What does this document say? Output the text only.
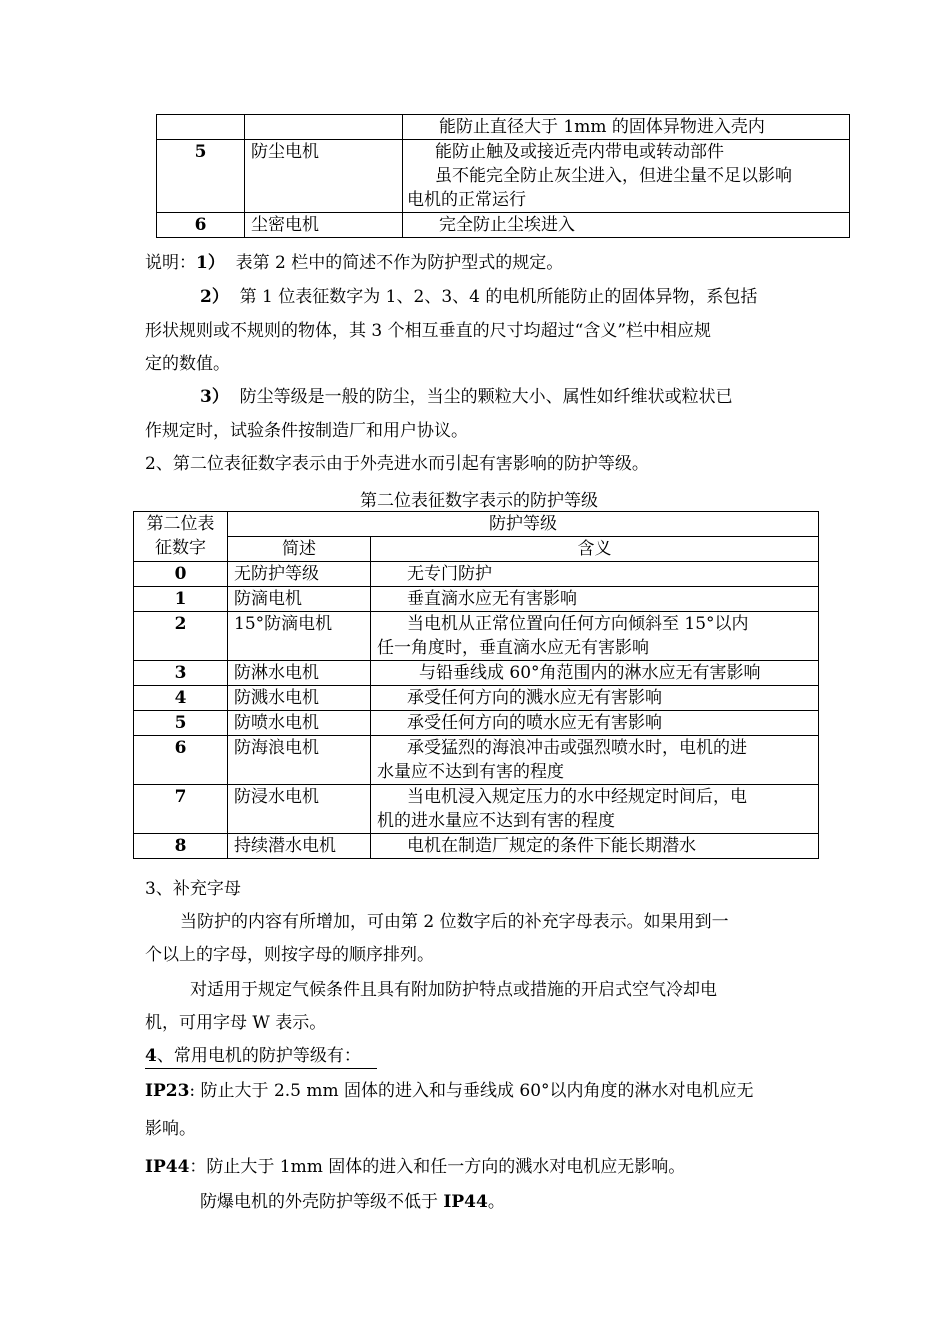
		能防止直径大于 1mm 的固体异物进入壳内
5	防尘电机	能防止触及或接近壳内带电或转动部件
虽不能完全防止灰尘进入，但进尘量不足以影响
电机的正常运行

6	尘密电机	完全防止尘埃进入
说明：1） 表第 2 栏中的简述不作为防护型式的规定。
2） 第 1 位表征数字为 1、2、3、4 的电机所能防止的固体异物，系包括
形状规则或不规则的物体，其 3 个相互垂直的尺寸均超过“含义”栏中相应规
定的数值。
3） 防尘等级是一般的防尘，当尘的颗粒大小、属性如纤维状或粒状已
作规定时，试验条件按制造厂和用户协议。
2、第二位表征数字表示由于外壳进水而引起有害影响的防护等级。
第二位表征数字表示的防护等级
第二位表
征数字	防护等级	
	简述	含义
0	无防护等级	无专门防护
1	防滴电机	垂直滴水应无有害影响
2	15°防滴电机	当电机从正常位置向任何方向倾斜至 15°以内
任一角度时，垂直滴水应无有害影响

3	防淋水电机	与铅垂线成 60°角范围内的淋水应无有害影响
4	防溅水电机	承受任何方向的溅水应无有害影响
5	防喷水电机	承受任何方向的喷水应无有害影响
6	防海浪电机	承受猛烈的海浪冲击或强烈喷水时，电机的进
水量应不达到有害的程度

7	防浸水电机	当电机浸入规定压力的水中经规定时间后，电
机的进水量应不达到有害的程度

8	持续潜水电机	电机在制造厂规定的条件下能长期潜水
3、补充字母
当防护的内容有所增加，可由第 2 位数字后的补充字母表示。如果用到一
个以上的字母，则按字母的顺序排列。
对适用于规定气候条件且具有附加防护特点或措施的开启式空气冷却电
机，可用字母 W 表示。
4、常用电机的防护等级有：
IP23: 防止大于 2.5 mm 固体的进入和与垂线成 60°以内角度的淋水对电机应无
影响。
IP44：防止大于 1mm 固体的进入和任一方向的溅水对电机应无影响。
防爆电机的外壳防护等级不低于 IP44。
